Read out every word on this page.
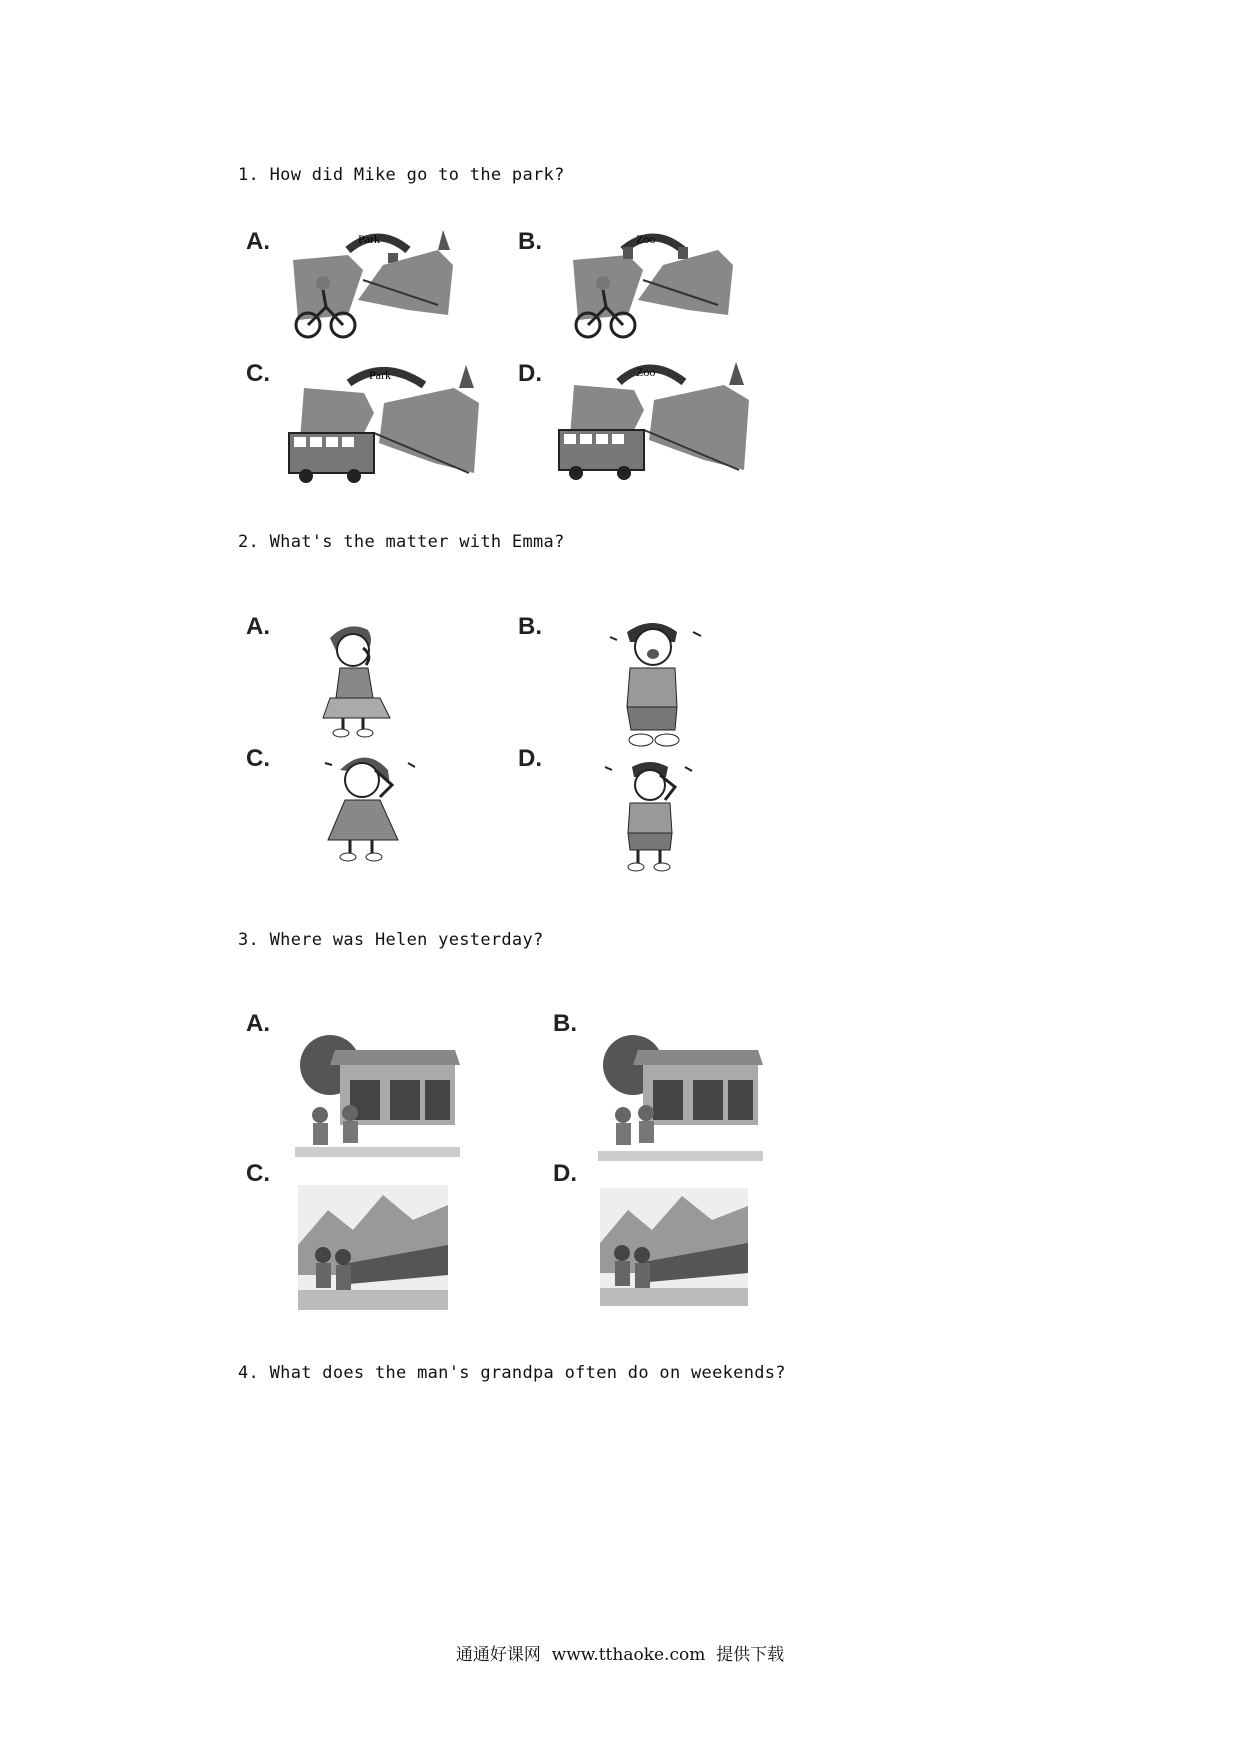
1. How did Mike go to the park?
A.	B.
C.	D.
Park	Zoo
Park	Zoo
2. What's the matter with Emma?
A.	B.
C.	D.
3. Where was Helen yesterday?
A.	B.
C.	D.
4. What does the man's grandpa often do on weekends?
通通好课网  www.tthaoke.com  提供下载
